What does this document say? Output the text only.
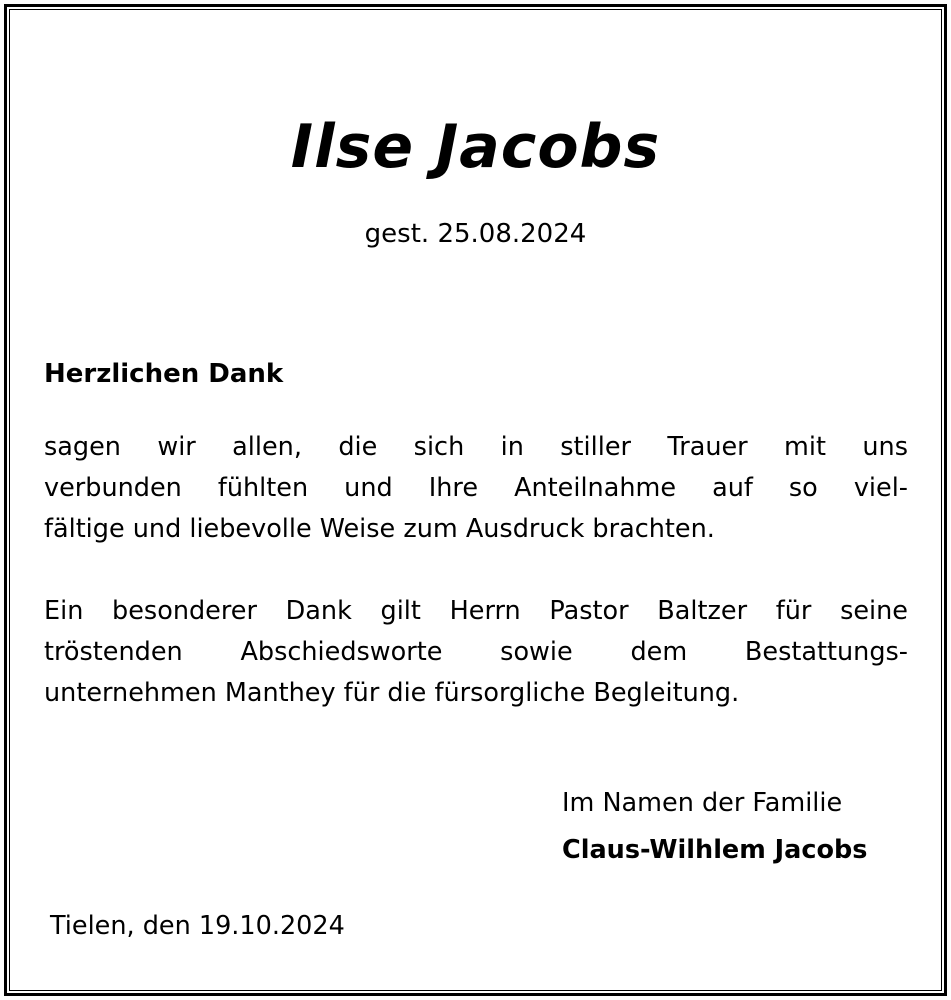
Ilse Jacobs
gest. 25.08.2024
Herzlichen Dank
sagen wir allen, die sich in stiller Trauer mit uns
verbunden fühlten und Ihre Anteilnahme auf so viel-
fältige und liebevolle Weise zum Ausdruck brachten.
Ein besonderer Dank gilt Herrn Pastor Baltzer für seine
tröstenden Abschiedsworte sowie dem Bestattungs-
unternehmen Manthey für die fürsorgliche Begleitung.
Im Namen der Familie
Claus-Wilhlem Jacobs
Tielen, den 19.10.2024
